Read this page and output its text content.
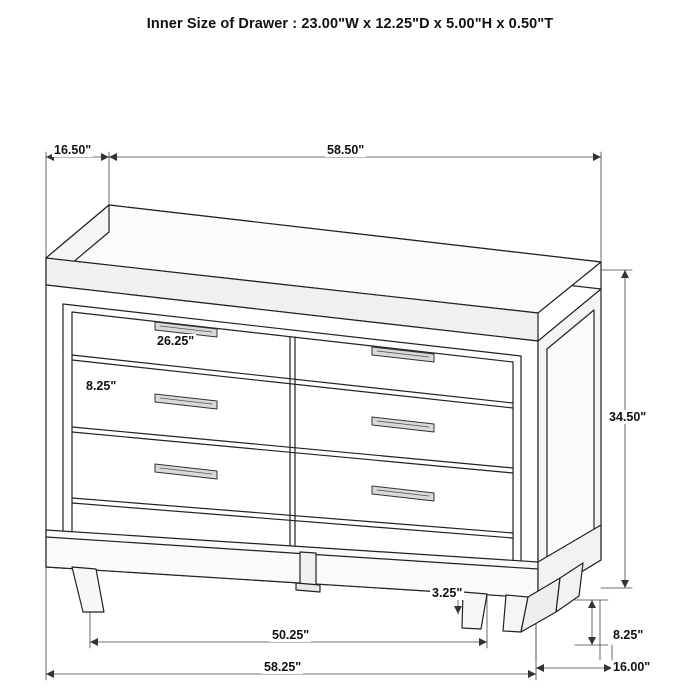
Inner Size of Drawer : 23.00"W x 12.25"D x 5.00"H x 0.50"T
16.50"	58.50"
26.25"
8.25"
34.50"
3.25"
50.25"
58.25"
8.25"
16.00"
